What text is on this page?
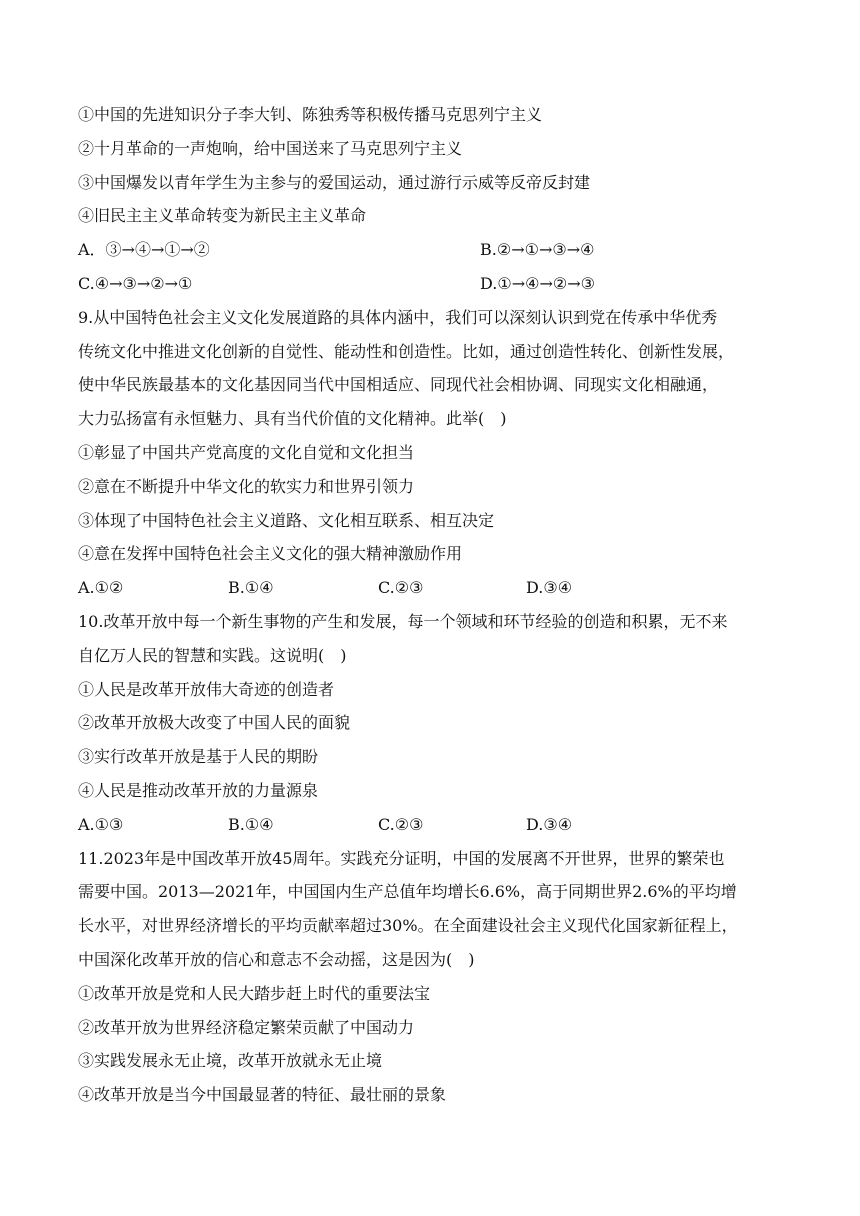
①中国的先进知识分子李大钊、陈独秀等积极传播马克思列宁主义
②十月革命的一声炮响，给中国送来了马克思列宁主义
③中国爆发以青年学生为主参与的爱国运动，通过游行示威等反帝反封建
④旧民主主义革命转变为新民主主义革命
A．③→④→①→②	B.②→①→③→④
C.④→③→②→①	D.①→④→②→③
9.从中国特色社会主义文化发展道路的具体内涵中，我们可以深刻认识到党在传承中华优秀
传统文化中推进文化创新的自觉性、能动性和创造性。比如，通过创造性转化、创新性发展，
使中华民族最基本的文化基因同当代中国相适应、同现代社会相协调、同现实文化相融通，
大力弘扬富有永恒魅力、具有当代价值的文化精神。此举(　)
①彰显了中国共产党高度的文化自觉和文化担当
②意在不断提升中华文化的软实力和世界引领力
③体现了中国特色社会主义道路、文化相互联系、相互决定
④意在发挥中国特色社会主义文化的强大精神激励作用
A.①②	B.①④	C.②③	D.③④
10.改革开放中每一个新生事物的产生和发展，每一个领域和环节经验的创造和积累，无不来
自亿万人民的智慧和实践。这说明(　)
①人民是改革开放伟大奇迹的创造者
②改革开放极大改变了中国人民的面貌
③实行改革开放是基于人民的期盼
④人民是推动改革开放的力量源泉
A.①③	B.①④	C.②③	D.③④
11.2023年是中国改革开放45周年。实践充分证明，中国的发展离不开世界，世界的繁荣也
需要中国。2013—2021年，中国国内生产总值年均增长6.6%，高于同期世界2.6%的平均增
长水平，对世界经济增长的平均贡献率超过30%。在全面建设社会主义现代化国家新征程上，
中国深化改革开放的信心和意志不会动摇，这是因为(　)
①改革开放是党和人民大踏步赶上时代的重要法宝
②改革开放为世界经济稳定繁荣贡献了中国动力
③实践发展永无止境，改革开放就永无止境
④改革开放是当今中国最显著的特征、最壮丽的景象
